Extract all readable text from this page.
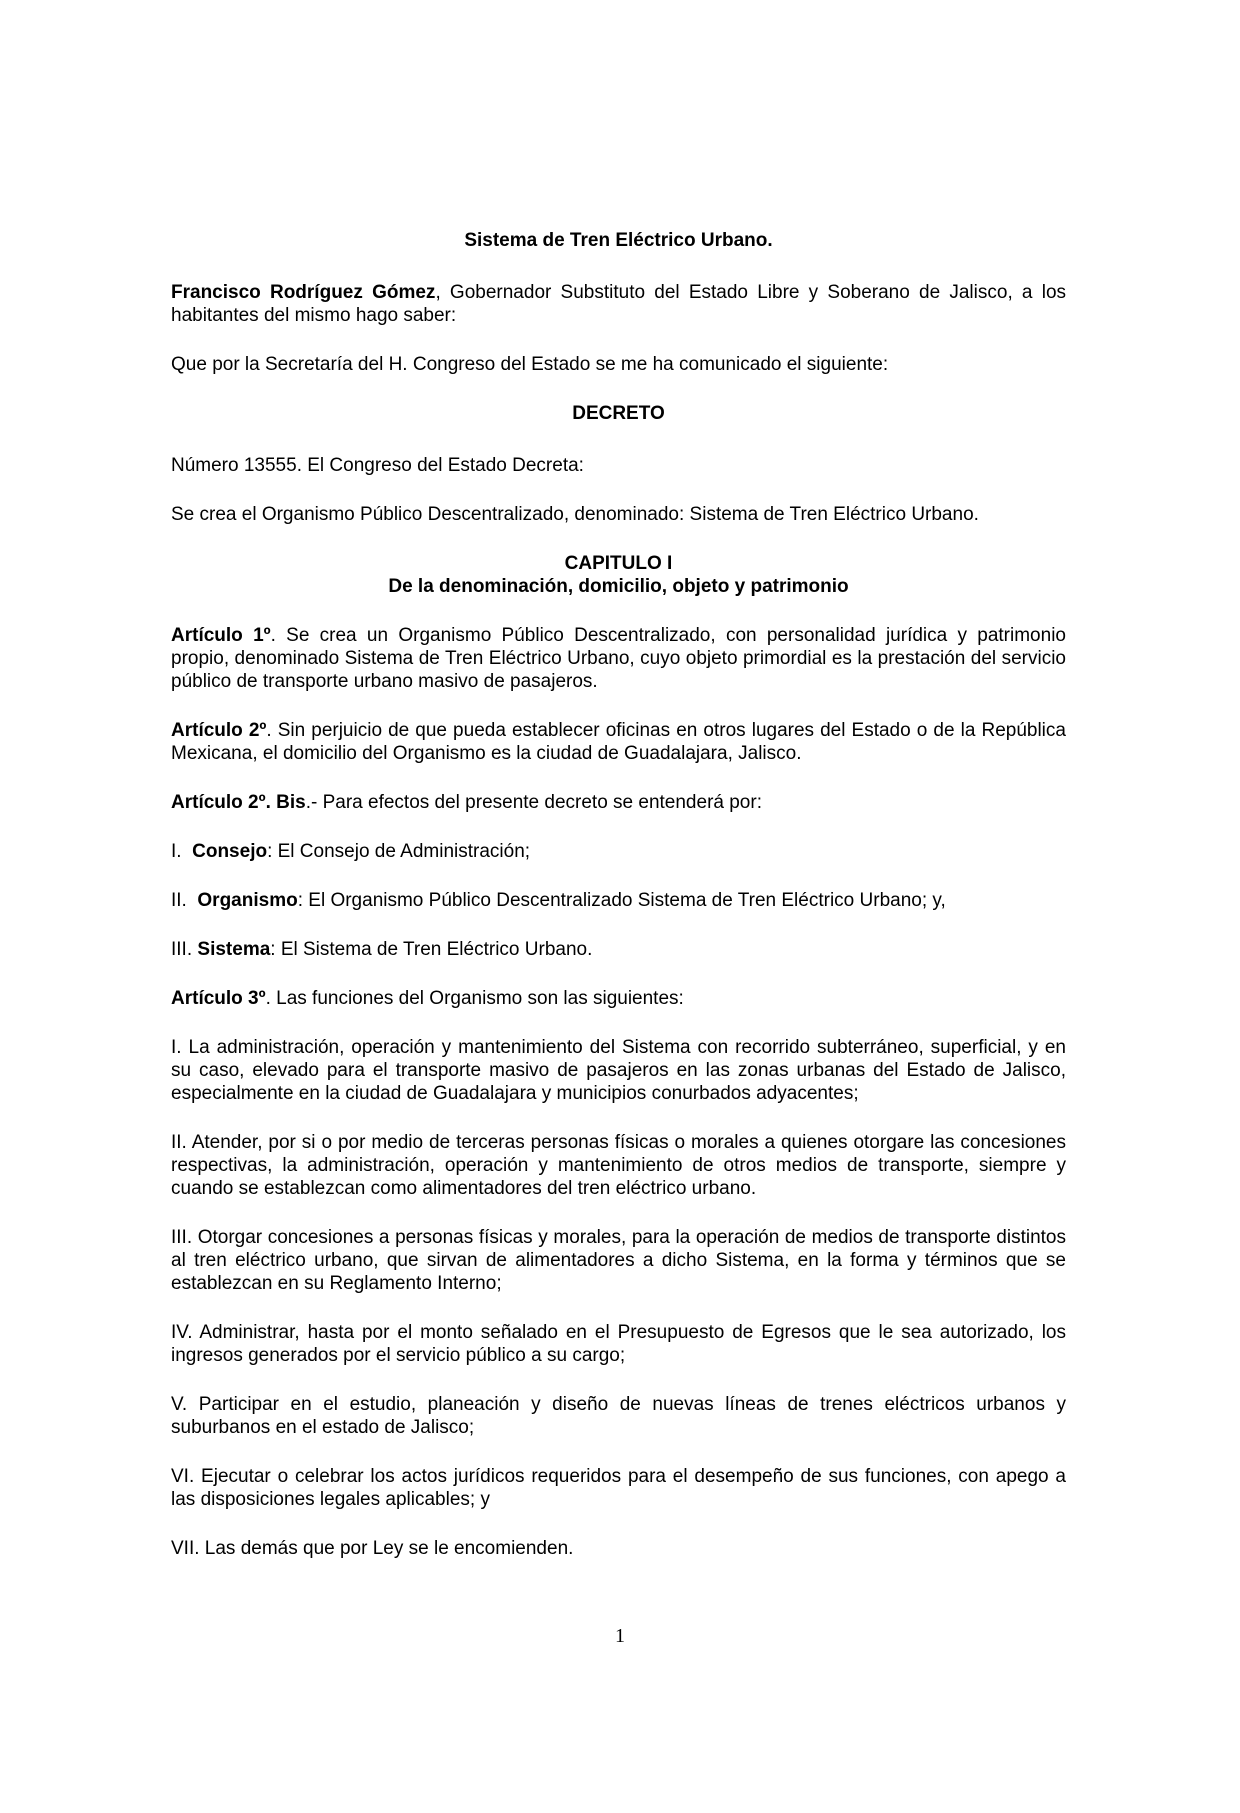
Sistema de Tren Eléctrico Urbano.

Francisco Rodríguez Gómez, Gobernador Substituto del Estado Libre y Soberano de Jalisco, a los habitantes del mismo hago saber:

Que por la Secretaría del H. Congreso del Estado se me ha comunicado el siguiente:

DECRETO

Número 13555. El Congreso del Estado Decreta:

Se crea el Organismo Público Descentralizado, denominado: Sistema de Tren Eléctrico Urbano.

CAPITULO I
De la denominación, domicilio, objeto y patrimonio

Artículo 1º. Se crea un Organismo Público Descentralizado, con personalidad jurídica y patrimonio propio, denominado Sistema de Tren Eléctrico Urbano, cuyo objeto primordial es la prestación del servicio público de transporte urbano masivo de pasajeros.

Artículo 2º. Sin perjuicio de que pueda establecer oficinas en otros lugares del Estado o de la República Mexicana, el domicilio del Organismo es la ciudad de Guadalajara, Jalisco.

Artículo 2º. Bis.- Para efectos del presente decreto se entenderá por:

I. Consejo: El Consejo de Administración;

II. Organismo: El Organismo Público Descentralizado Sistema de Tren Eléctrico Urbano; y,

III. Sistema: El Sistema de Tren Eléctrico Urbano.

Artículo 3º. Las funciones del Organismo son las siguientes:

I. La administración, operación y mantenimiento del Sistema con recorrido subterráneo, superficial, y en su caso, elevado para el transporte masivo de pasajeros en las zonas urbanas del Estado de Jalisco, especialmente en la ciudad de Guadalajara y municipios conurbados adyacentes;

II. Atender, por si o por medio de terceras personas físicas o morales a quienes otorgare las concesiones respectivas, la administración, operación y mantenimiento de otros medios de transporte, siempre y cuando se establezcan como alimentadores del tren eléctrico urbano.

III. Otorgar concesiones a personas físicas y morales, para la operación de medios de transporte distintos al tren eléctrico urbano, que sirvan de alimentadores a dicho Sistema, en la forma y términos que se establezcan en su Reglamento Interno;

IV. Administrar, hasta por el monto señalado en el Presupuesto de Egresos que le sea autorizado, los ingresos generados por el servicio público a su cargo;

V. Participar en el estudio, planeación y diseño de nuevas líneas de trenes eléctricos urbanos y suburbanos en el estado de Jalisco;

VI. Ejecutar o celebrar los actos jurídicos requeridos para el desempeño de sus funciones, con apego a las disposiciones legales aplicables; y

VII. Las demás que por Ley se le encomienden.

1
